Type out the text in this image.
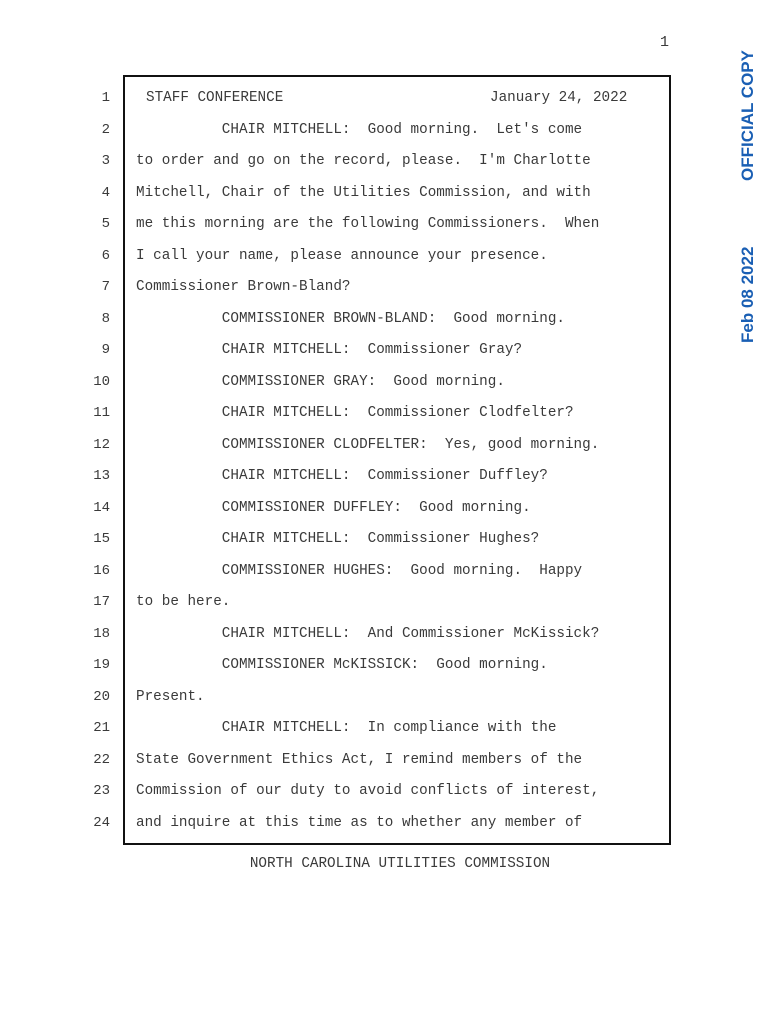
1
OFFICIAL COPY
Feb 08 2022
1
2
3
4
5
6
7
8
9
10
11
12
13
14
15
16
17
18
19
20
21
22
23
24
STAFF CONFERENCE	January 24, 2022
CHAIR MITCHELL:  Good morning.  Let's come
to order and go on the record, please.  I'm Charlotte
Mitchell, Chair of the Utilities Commission, and with
me this morning are the following Commissioners.  When
I call your name, please announce your presence.
Commissioner Brown-Bland?
COMMISSIONER BROWN-BLAND:  Good morning.
CHAIR MITCHELL:  Commissioner Gray?
COMMISSIONER GRAY:  Good morning.
CHAIR MITCHELL:  Commissioner Clodfelter?
COMMISSIONER CLODFELTER:  Yes, good morning.
CHAIR MITCHELL:  Commissioner Duffley?
COMMISSIONER DUFFLEY:  Good morning.
CHAIR MITCHELL:  Commissioner Hughes?
COMMISSIONER HUGHES:  Good morning.  Happy
to be here.
CHAIR MITCHELL:  And Commissioner McKissick?
COMMISSIONER McKISSICK:  Good morning.
Present.
CHAIR MITCHELL:  In compliance with the
State Government Ethics Act, I remind members of the
Commission of our duty to avoid conflicts of interest,
and inquire at this time as to whether any member of
NORTH CAROLINA UTILITIES COMMISSION
